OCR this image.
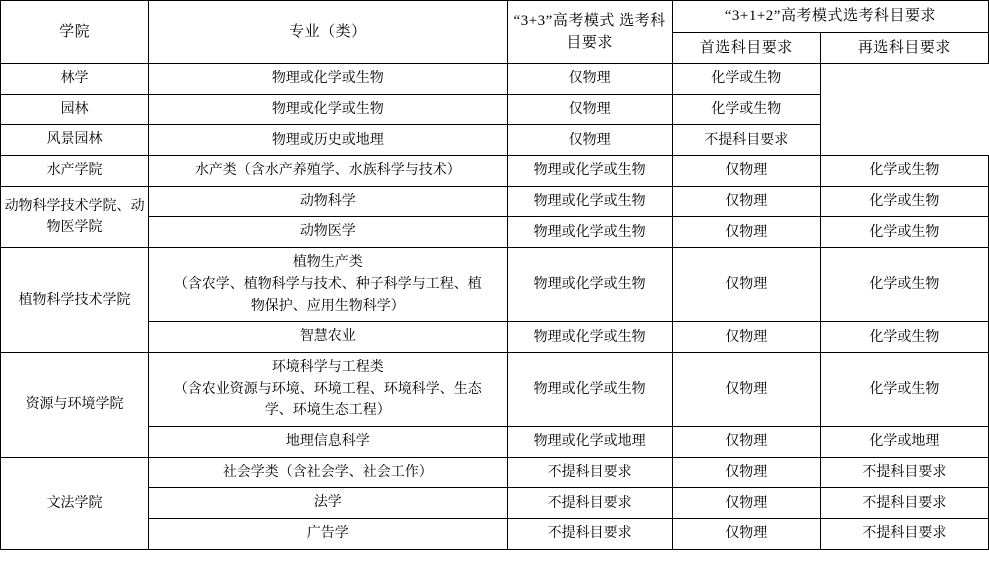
学院	专业（类）	“3+3”高考模式 选考科目要求	“3+1+2”高考模式选考科目要求	
			首选科目要求	再选科目要求

林学	物理或化学或生物	仅物理	化学或生物	

园林	物理或化学或生物	仅物理	化学或生物	

风景园林	物理或历史或地理	仅物理	不提科目要求	
水产学院	水产类（含水产养殖学、水族科学与技术）	物理或化学或生物	仅物理	化学或生物
动物科学技术学院、动物医学院	动物科学	物理或化学或生物	仅物理	化学或生物

	动物医学	物理或化学或生物	仅物理	化学或生物
植物科学技术学院	植物生产类
（含农学、植物科学与技术、种子科学与工程、植
物保护、应用生物科学）	物理或化学或生物	仅物理	化学或生物

	智慧农业	物理或化学或生物	仅物理	化学或生物
资源与环境学院	环境科学与工程类
（含农业资源与环境、环境工程、环境科学、生态
学、环境生态工程）	物理或化学或生物	仅物理	化学或生物

	地理信息科学	物理或化学或地理	仅物理	化学或地理
文法学院	社会学类（含社会学、社会工作）	不提科目要求	仅物理	不提科目要求

	法学	不提科目要求	仅物理	不提科目要求

	广告学	不提科目要求	仅物理	不提科目要求
